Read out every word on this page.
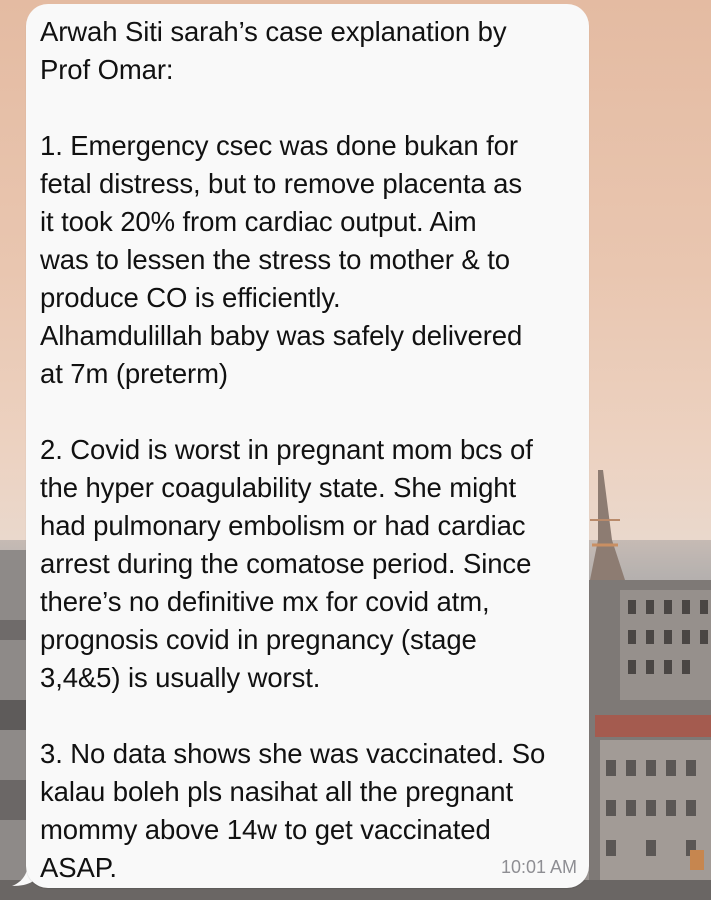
Arwah Siti sarah’s case explanation by
Prof Omar:

1. Emergency csec was done bukan for
fetal distress, but to remove placenta as
it took 20% from cardiac output. Aim
was to lessen the stress to mother & to
produce CO is efficiently.
Alhamdulillah baby was safely delivered
at 7m (preterm)

2. Covid is worst in pregnant mom bcs of
the hyper coagulability state. She might
had pulmonary embolism or had cardiac
arrest during the comatose period. Since
there’s no definitive mx for covid atm,
prognosis covid in pregnancy (stage
3,4&5) is usually worst.

3. No data shows she was vaccinated. So
kalau boleh pls nasihat all the pregnant
mommy above 14w to get vaccinated
ASAP.	10:01 AM
